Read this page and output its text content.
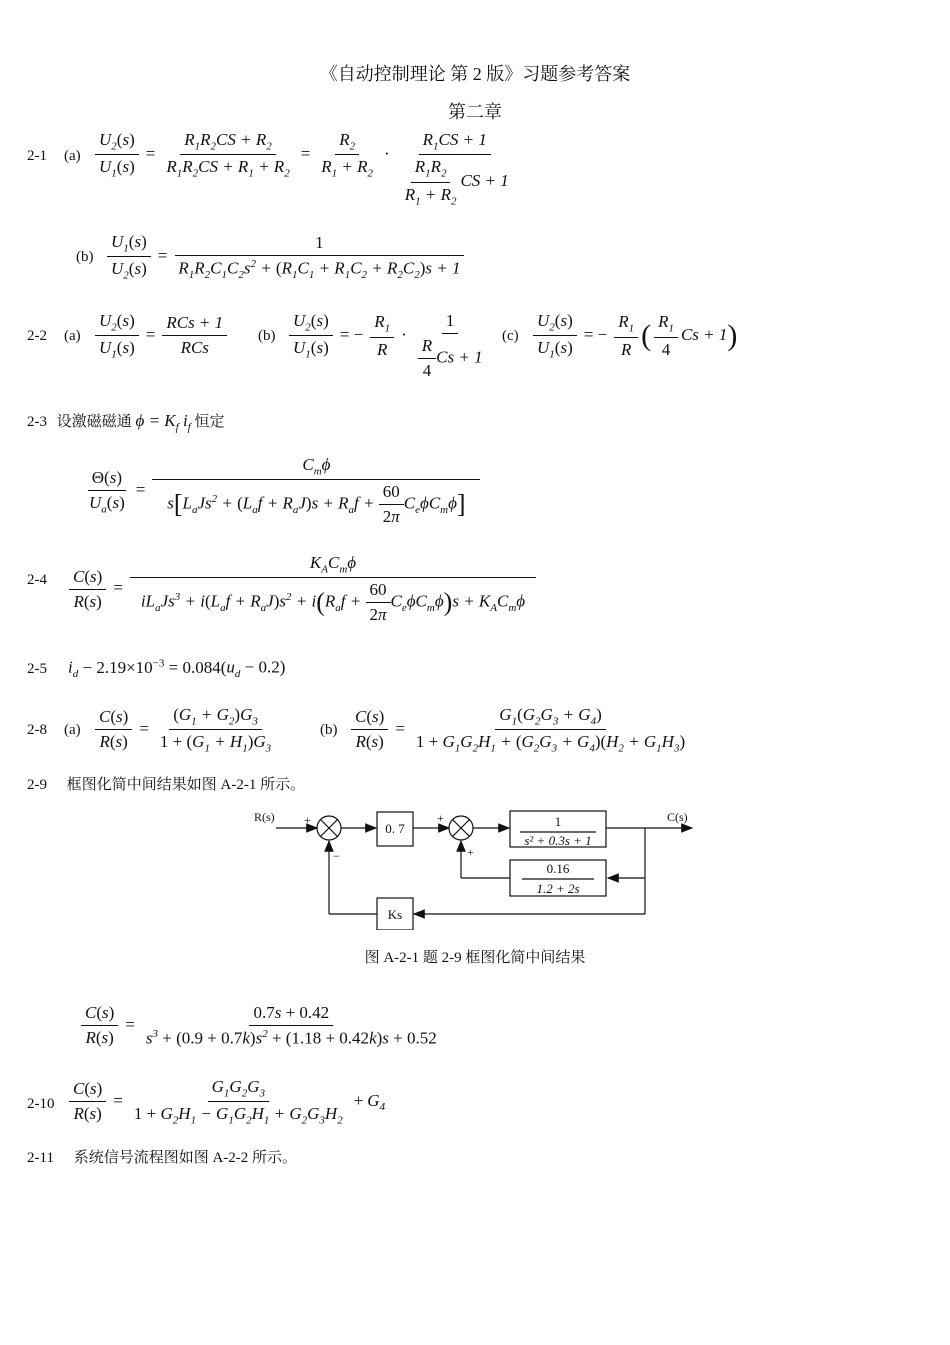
《自动控制理论 第 2 版》习题参考答案
第二章
2-1 $(a) \frac{U_2(s)}{U_1(s)} = \frac{R_1R_2CS + R_2}{R_1R_2CS + R_1 + R_2} = \frac{R_2}{R_1 + R_2} \cdot \frac{R_1CS + 1}{\frac{R_1R_2}{R_1 + R_2} CS + 1}$
$(b) \frac{U_1(s)}{U_2(s)} = \frac{1}{R_1R_2C_1C_2s^2 + (R_1C_1 + R_1C_2 + R_2C_2)s + 1}$
2-2 $(a) \frac{U_2(s)}{U_1(s)} = \frac{\text{RCs + 1}}{\text{RCs}} (b) \frac{U_2(s)}{U_1(s)}$ = − $\frac{R_1}{R} \cdot \frac{1}{\frac{R}{4} Cs + 1} (c) \frac{U_2(s)}{U_1(s)}$ = − $\frac{R_1}{R}$ ( $\frac{R_1}{4}$ Cs + 1)
2-3 设激磁磁通 $\phi = K_f$ $i_f$ 恒定
$\frac{\Theta(s)}{U_a(s)} = \frac{C_m\phi}{s[L_aJs^2 + (L_af + R_aJ)s + R_af + \frac{60}{2\pi} C_e\phi C_m\phi]}$
$2-4 \frac{C(s)}{R(s)} = \frac{K_AC_m\phi}{iL_aJs^3 + i(L_af + R_aJ)s^2 + i(R_af + \frac{60}{2\pi} C_e\phi C_m\phi)s + K_AC_m\phi}$
2-5 $i_d - 2.19\times 10^{-3} = 0.084(u_d - 0.2)$
2-8 $(a) \frac{C(s)}{R(s)} = \frac{(G_1 + G_2)G_3}{1 + (G_1 + H_1)G_3}$	$(b) \frac{C(s)}{R(s)} = \frac{G_1(G_2G_3 + G_4)}{1 + G_1G_2H_1 + (G_2G_3 + G_4)(H_2 + G_1H_3)}$
2-9 框图化简中间结果如图 A-2-1 所示。
R(s)	C(s)
+
−
+
+
0. 7	1
s² + 0.3s + 1
0.16
1.2 + 2s
Ks
图 A-2-1 题 2-9 框图化简中间结果
$\frac{C(s)}{R(s)} = \frac{0.7s + 0.42}{s^3 + (0.9 + 0.7k)s^2 + (1.18 + 0.42k)s + 0.52}$
$2-10 \frac{C(s)}{R(s)} = \frac{G_1G_2G_3}{1 + G_2H_1 - G_1G_2H_1 + G_2G_3H_2} + G_4$
2-11 系统信号流程图如图 A-2-2 所示。
